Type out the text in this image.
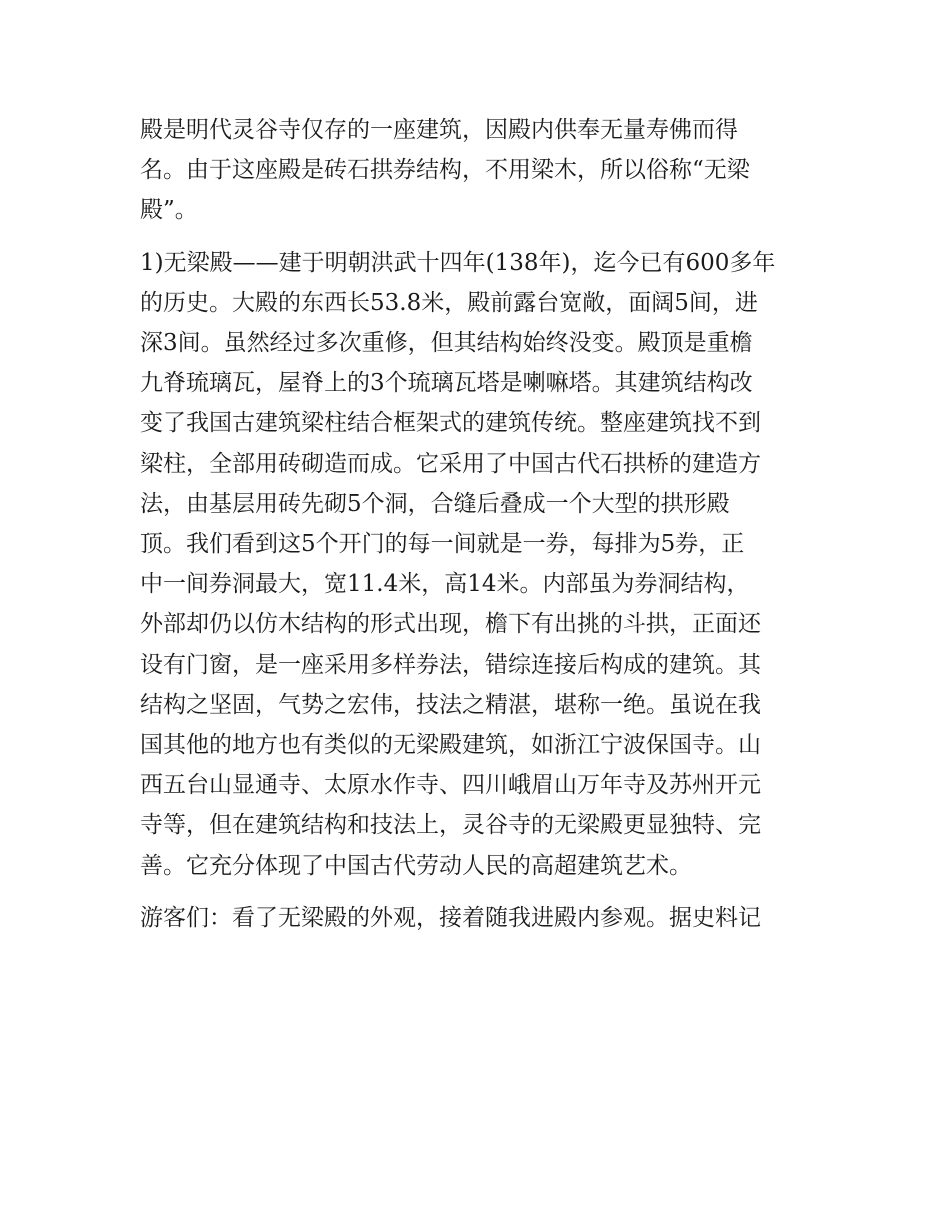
殿是明代灵谷寺仅存的一座建筑，因殿内供奉无量寿佛而得
名。由于这座殿是砖石拱券结构，不用梁木，所以俗称“无梁
殿”。

1)无梁殿——建于明朝洪武十四年(138年)，迄今已有600多年
的历史。大殿的东西长53.8米，殿前露台宽敞，面阔5间，进
深3间。虽然经过多次重修，但其结构始终没变。殿顶是重檐
九脊琉璃瓦，屋脊上的3个琉璃瓦塔是喇嘛塔。其建筑结构改
变了我国古建筑梁柱结合框架式的建筑传统。整座建筑找不到
梁柱，全部用砖砌造而成。它采用了中国古代石拱桥的建造方
法，由基层用砖先砌5个洞，合缝后叠成一个大型的拱形殿
顶。我们看到这5个开门的每一间就是一券，每排为5券，正
中一间券洞最大，宽11.4米，高14米。内部虽为券洞结构，
外部却仍以仿木结构的形式出现，檐下有出挑的斗拱，正面还
设有门窗，是一座采用多样券法，错综连接后构成的建筑。其
结构之坚固，气势之宏伟，技法之精湛，堪称一绝。虽说在我
国其他的地方也有类似的无梁殿建筑，如浙江宁波保国寺。山
西五台山显通寺、太原水作寺、四川峨眉山万年寺及苏州开元
寺等，但在建筑结构和技法上，灵谷寺的无梁殿更显独特、完
善。它充分体现了中国古代劳动人民的高超建筑艺术。

游客们：看了无梁殿的外观，接着随我进殿内参观。据史料记
